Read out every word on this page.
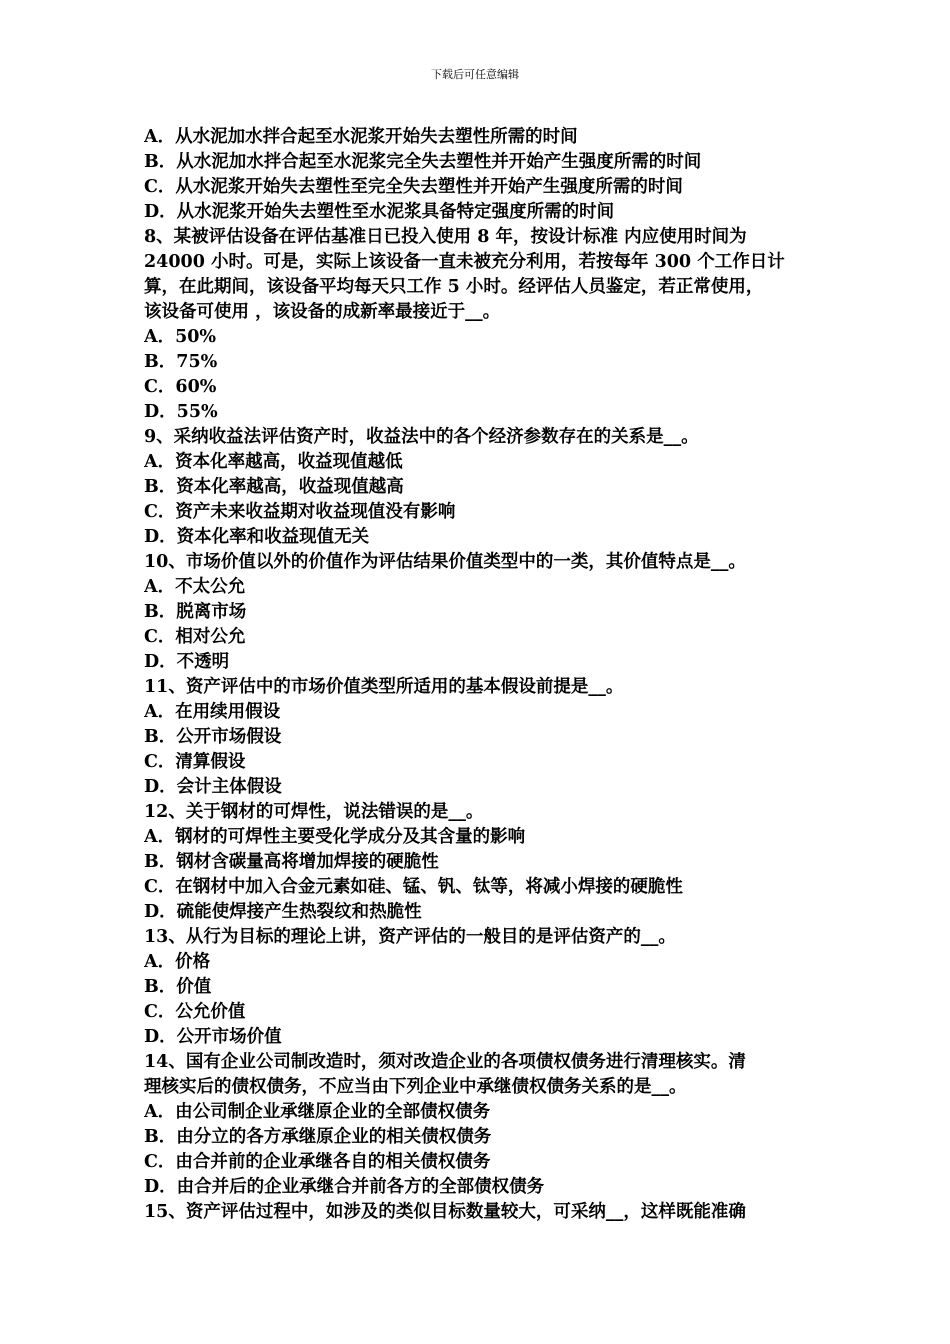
下载后可任意编辑
A．从水泥加水拌合起至水泥浆开始失去塑性所需的时间
B．从水泥加水拌合起至水泥浆完全失去塑性并开始产生强度所需的时间
C．从水泥浆开始失去塑性至完全失去塑性并开始产生强度所需的时间
D．从水泥浆开始失去塑性至水泥浆具备特定强度所需的时间
8、某被评估设备在评估基准日已投入使用 8 年，按设计标准 内应使用时间为
24000 小时。可是，实际上该设备一直未被充分利用，若按每年 300 个工作日计
算，在此期间，该设备平均每天只工作 5 小时。经评估人员鉴定，若正常使用，
该设备可使用 ，该设备的成新率最接近于__。
A．50%
B．75%
C．60%
D．55%
9、采纳收益法评估资产时，收益法中的各个经济参数存在的关系是__。
A．资本化率越高，收益现值越低
B．资本化率越高，收益现值越高
C．资产未来收益期对收益现值没有影响
D．资本化率和收益现值无关
10、市场价值以外的价值作为评估结果价值类型中的一类，其价值特点是__。
A．不太公允
B．脱离市场
C．相对公允
D．不透明
11、资产评估中的市场价值类型所适用的基本假设前提是__。
A．在用续用假设
B．公开市场假设
C．清算假设
D．会计主体假设
12、关于钢材的可焊性，说法错误的是__。
A．钢材的可焊性主要受化学成分及其含量的影响
B．钢材含碳量高将增加焊接的硬脆性
C．在钢材中加入合金元素如硅、锰、钒、钛等，将减小焊接的硬脆性
D．硫能使焊接产生热裂纹和热脆性
13、从行为目标的理论上讲，资产评估的一般目的是评估资产的__。
A．价格
B．价值
C．公允价值
D．公开市场价值
14、国有企业公司制改造时，须对改造企业的各项债权债务进行清理核实。清
理核实后的债权债务，不应当由下列企业中承继债权债务关系的是__。
A．由公司制企业承继原企业的全部债权债务
B．由分立的各方承继原企业的相关债权债务
C．由合并前的企业承继各自的相关债权债务
D．由合并后的企业承继合并前各方的全部债权债务
15、资产评估过程中，如涉及的类似目标数量较大，可采纳__，这样既能准确
